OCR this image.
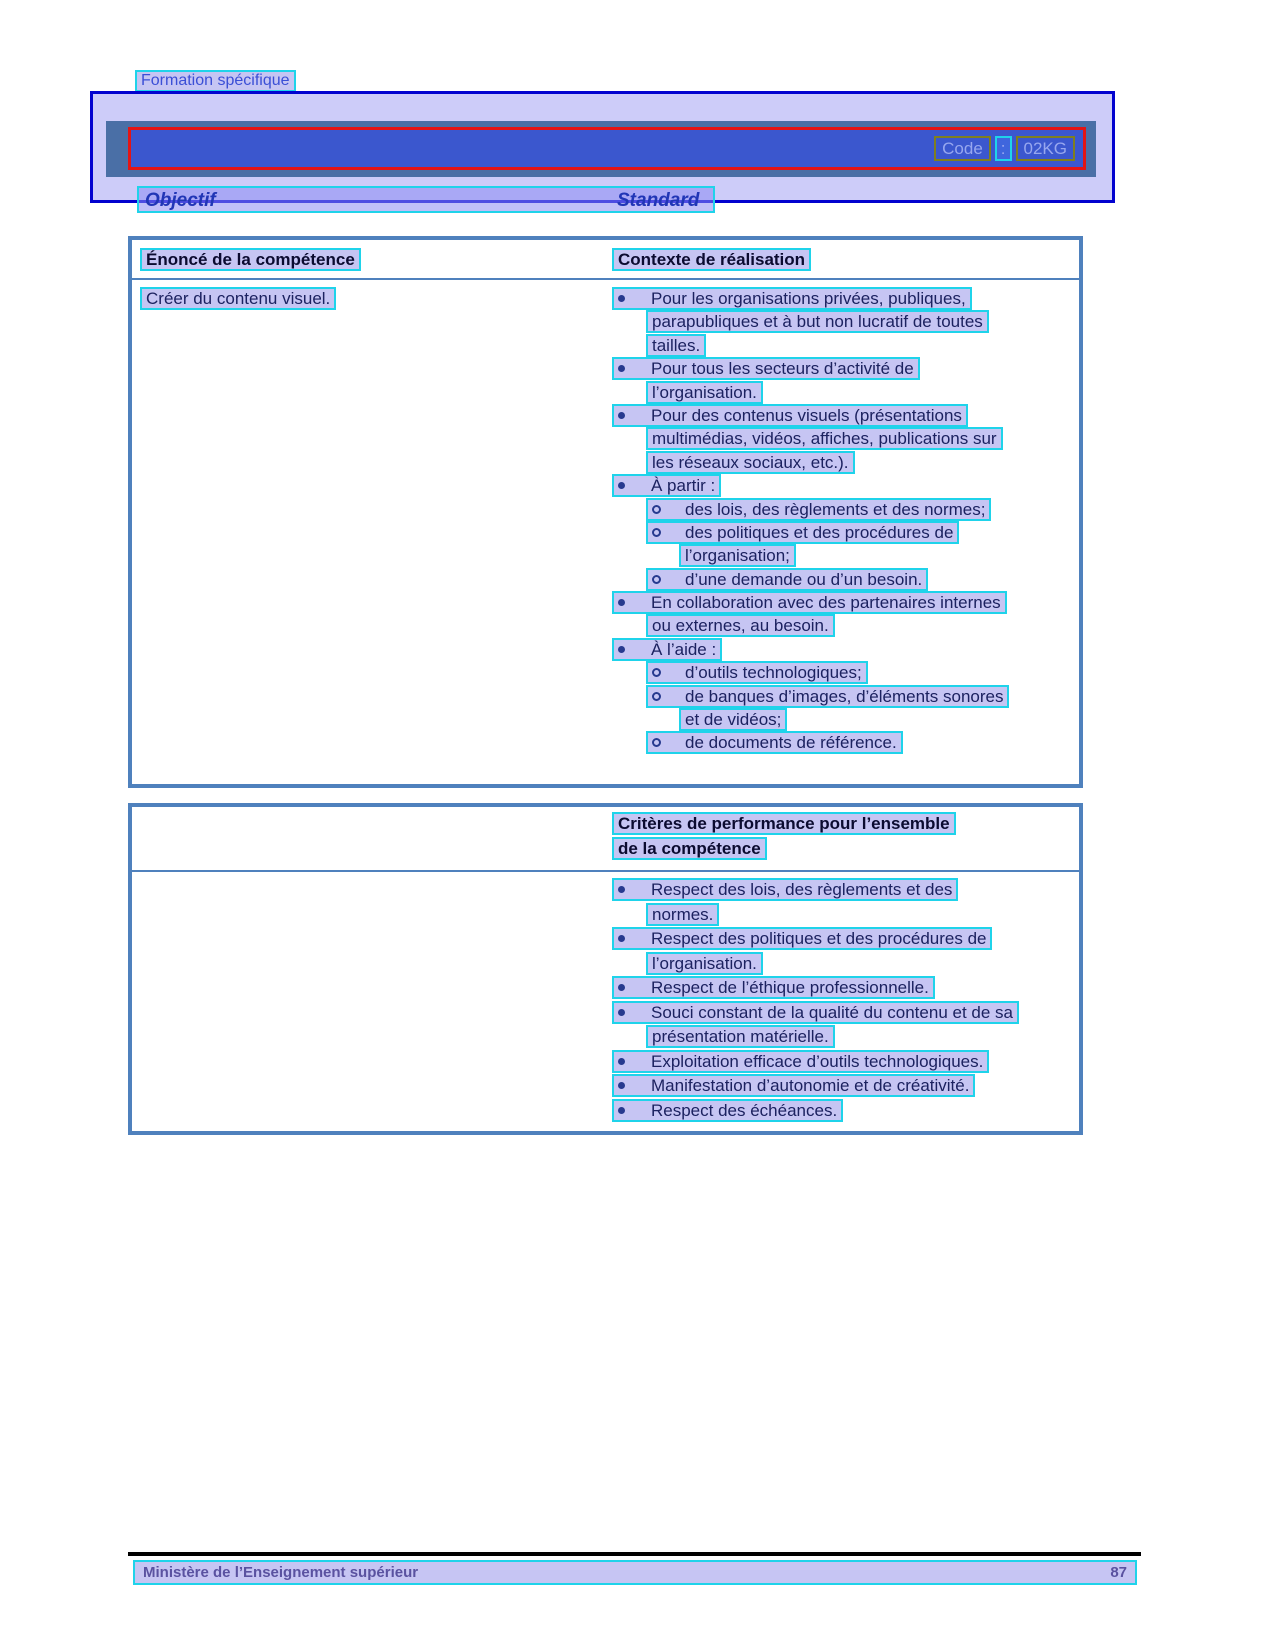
Formation spécifique
Code	:	02KG
Objectif	Standard
Énoncé de la compétence	Contexte de réalisation
Créer du contenu visuel.	Pour les organisations privées, publiques,
parapubliques et à but non lucratif de toutes
tailles.
Pour tous les secteurs d’activité de
l’organisation.
Pour des contenus visuels (présentations
multimédias, vidéos, affiches, publications sur
les réseaux sociaux, etc.).
À partir :
des lois, des règlements et des normes;
des politiques et des procédures de
l’organisation;
d’une demande ou d’un besoin.
En collaboration avec des partenaires internes
ou externes, au besoin.
À l’aide :
d’outils technologiques;
de banques d’images, d’éléments sonores
et de vidéos;
de documents de référence.
Critères de performance pour l’ensemble
de la compétence
Respect des lois, des règlements et des
normes.
Respect des politiques et des procédures de
l’organisation.
Respect de l’éthique professionnelle.
Souci constant de la qualité du contenu et de sa
présentation matérielle.
Exploitation efficace d’outils technologiques.
Manifestation d’autonomie et de créativité.
Respect des échéances.
Ministère de l’Enseignement supérieur	87
